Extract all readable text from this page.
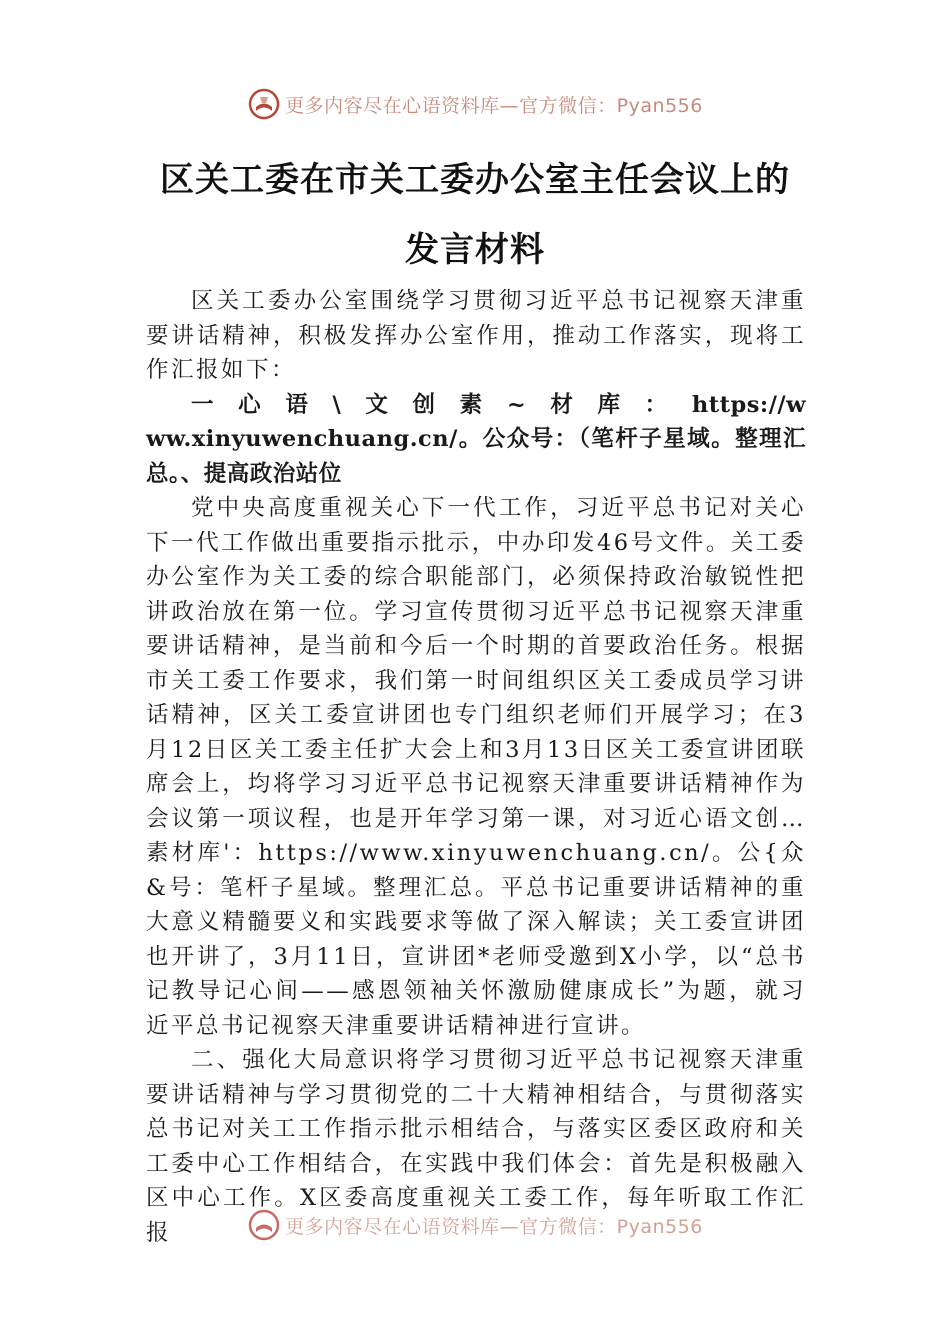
更多内容尽在心语资料库—官方微信：Pyan556
区关工委在市关工委办公室主任会议上的
发言材料

区关工委办公室围绕学习贯彻习近平总书记视察天津重要讲话精神，积极发挥办公室作用，推动工作落实，现将工作汇报如下：

一心语\文创素~材库：https://www.xinyuwenchuang.cn/。公众号：（笔杆子星域。整理汇总。、提高政治站位

党中央高度重视关心下一代工作，习近平总书记对关心下一代工作做出重要指示批示，中办印发46号文件。关工委办公室作为关工委的综合职能部门，必须保持政治敏锐性把讲政治放在第一位。学习宣传贯彻习近平总书记视察天津重要讲话精神，是当前和今后一个时期的首要政治任务。根据市关工委工作要求，我们第一时间组织区关工委成员学习讲话精神，区关工委宣讲团也专门组织老师们开展学习；在3月12日区关工委主任扩大会上和3月13日区关工委宣讲团联席会上，均将学习习近平总书记视察天津重要讲话精神作为会议第一项议程，也是开年学习第一课，对习近心语文创…素材库'：https://www.xinyuwenchuang.cn/。公{众&号：笔杆子星域。整理汇总。平总书记重要讲话精神的重大意义精髓要义和实践要求等做了深入解读；关工委宣讲团也开讲了，3月11日，宣讲团*老师受邀到X小学，以“总书记教导记心间——感恩领袖关怀激励健康成长”为题，就习近平总书记视察天津重要讲话精神进行宣讲。

二、强化大局意识将学习贯彻习近平总书记视察天津重要讲话精神与学习贯彻党的二十大精神相结合，与贯彻落实总书记对关工工作指示批示相结合，与落实区委区政府和关工委中心工作相结合，在实践中我们体会：首先是积极融入区中心工作。X区委高度重视关工委工作，每年听取工作汇报	更多内容尽在心语资料库—官方微信：Pyan556
